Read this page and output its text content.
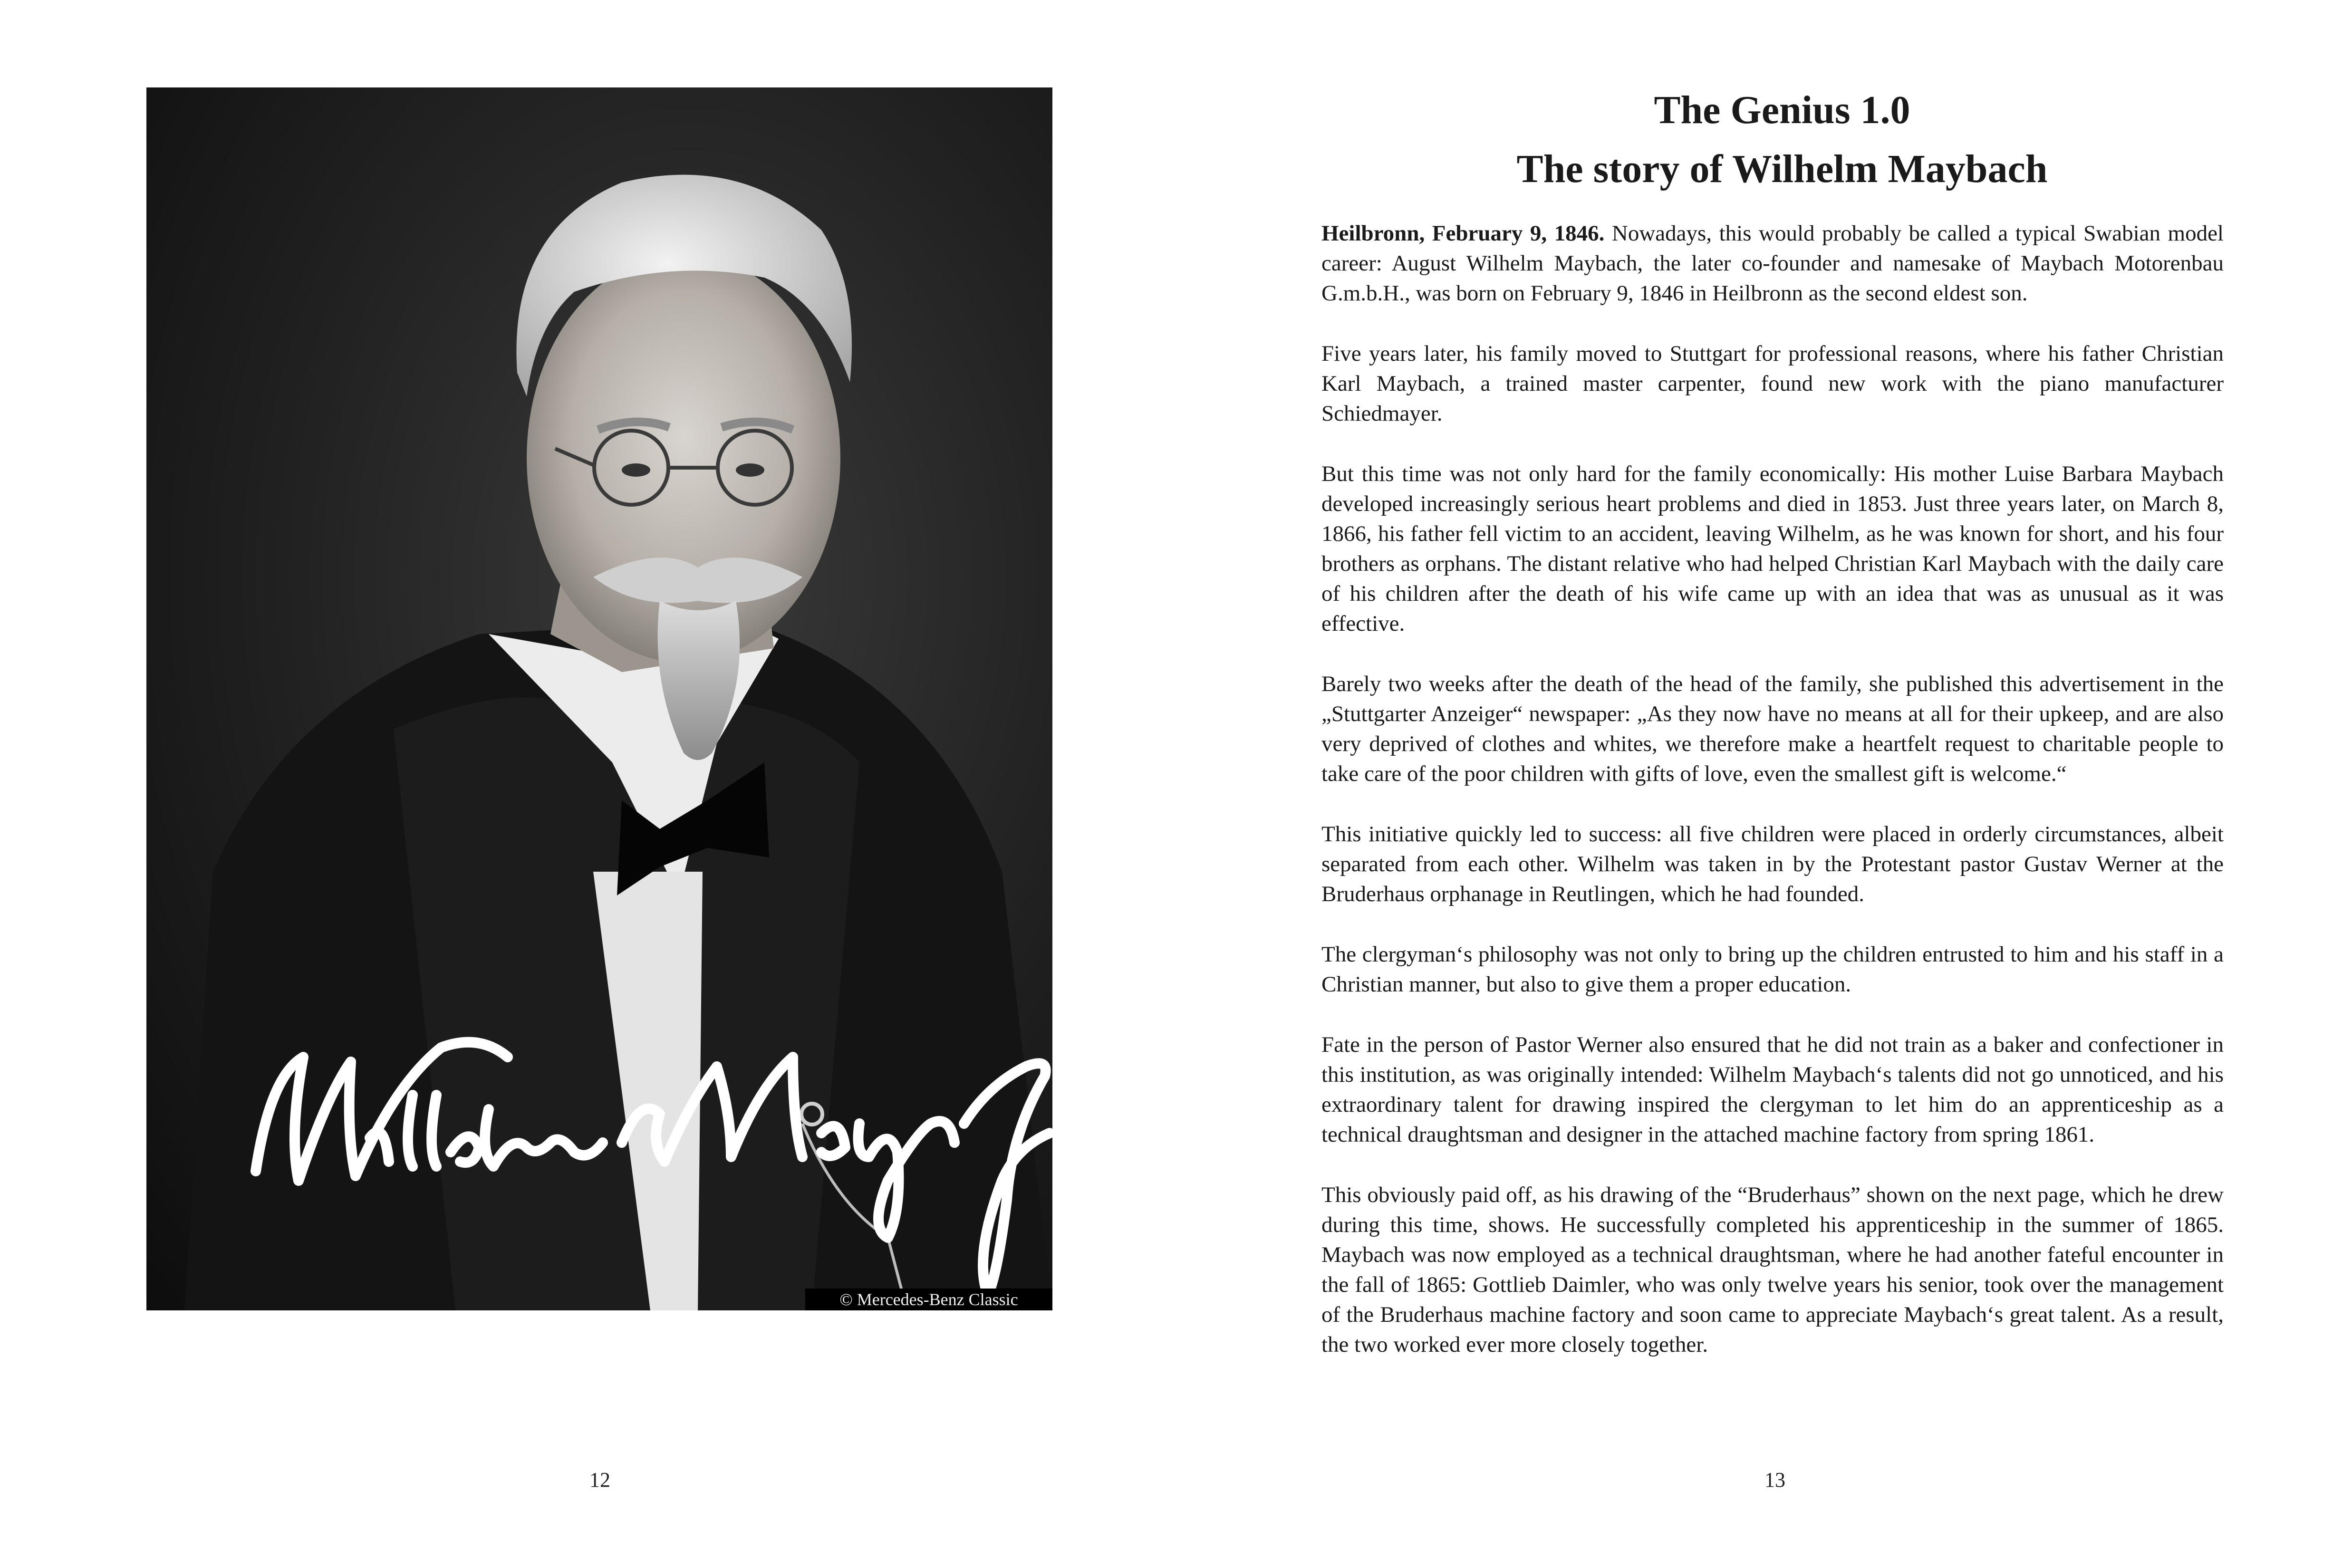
© Mercedes-Benz Classic
12
The Genius 1.0
The story of Wilhelm Maybach

Heilbronn, February 9, 1846. Nowadays, this would probably be called a typical Swabian model career: August Wilhelm Maybach, the later co-founder and namesake of Maybach Motorenbau G.m.b.H., was born on February 9, 1846 in Heilbronn as the second eldest son.

Five years later, his family moved to Stuttgart for professional reasons, where his father Christian Karl Maybach, a trained master carpenter, found new work with the piano manufacturer Schiedmayer.

But this time was not only hard for the family economically: His mother Luise Barbara Maybach developed increasingly serious heart problems and died in 1853. Just three years later, on March 8, 1866, his father fell victim to an accident, leaving Wilhelm, as he was known for short, and his four brothers as orphans. The distant relative who had helped Christian Karl Maybach with the daily care of his children after the death of his wife came up with an idea that was as unusual as it was effective.

Barely two weeks after the death of the head of the family, she published this advertisement in the „Stuttgarter Anzeiger“ newspaper: „As they now have no means at all for their upkeep, and are also very deprived of clothes and whites, we therefore make a heartfelt request to charitable people to take care of the poor children with gifts of love, even the smallest gift is welcome.“

This initiative quickly led to success: all five children were placed in orderly circumstances, albeit separated from each other. Wilhelm was taken in by the Protestant pastor Gustav Werner at the Bruderhaus orphanage in Reutlingen, which he had founded.

The clergyman‘s philosophy was not only to bring up the children entrusted to him and his staff in a Christian manner, but also to give them a proper education.

Fate in the person of Pastor Werner also ensured that he did not train as a baker and confectioner in this institution, as was originally intended: Wilhelm Maybach‘s talents did not go unnoticed, and his extraordinary talent for drawing inspired the clergyman to let him do an apprenticeship as a technical draughtsman and designer in the attached machine factory from spring 1861.

This obviously paid off, as his drawing of the “Bruderhaus” shown on the next page, which he drew during this time, shows. He successfully completed his apprenticeship in the summer of 1865. Maybach was now employed as a technical draughtsman, where he had another fateful encounter in the fall of 1865: Gottlieb Daimler, who was only twelve years his senior, took over the management of the Bruderhaus machine factory and soon came to appreciate Maybach‘s great talent. As a result, the two worked ever more closely together.

13
